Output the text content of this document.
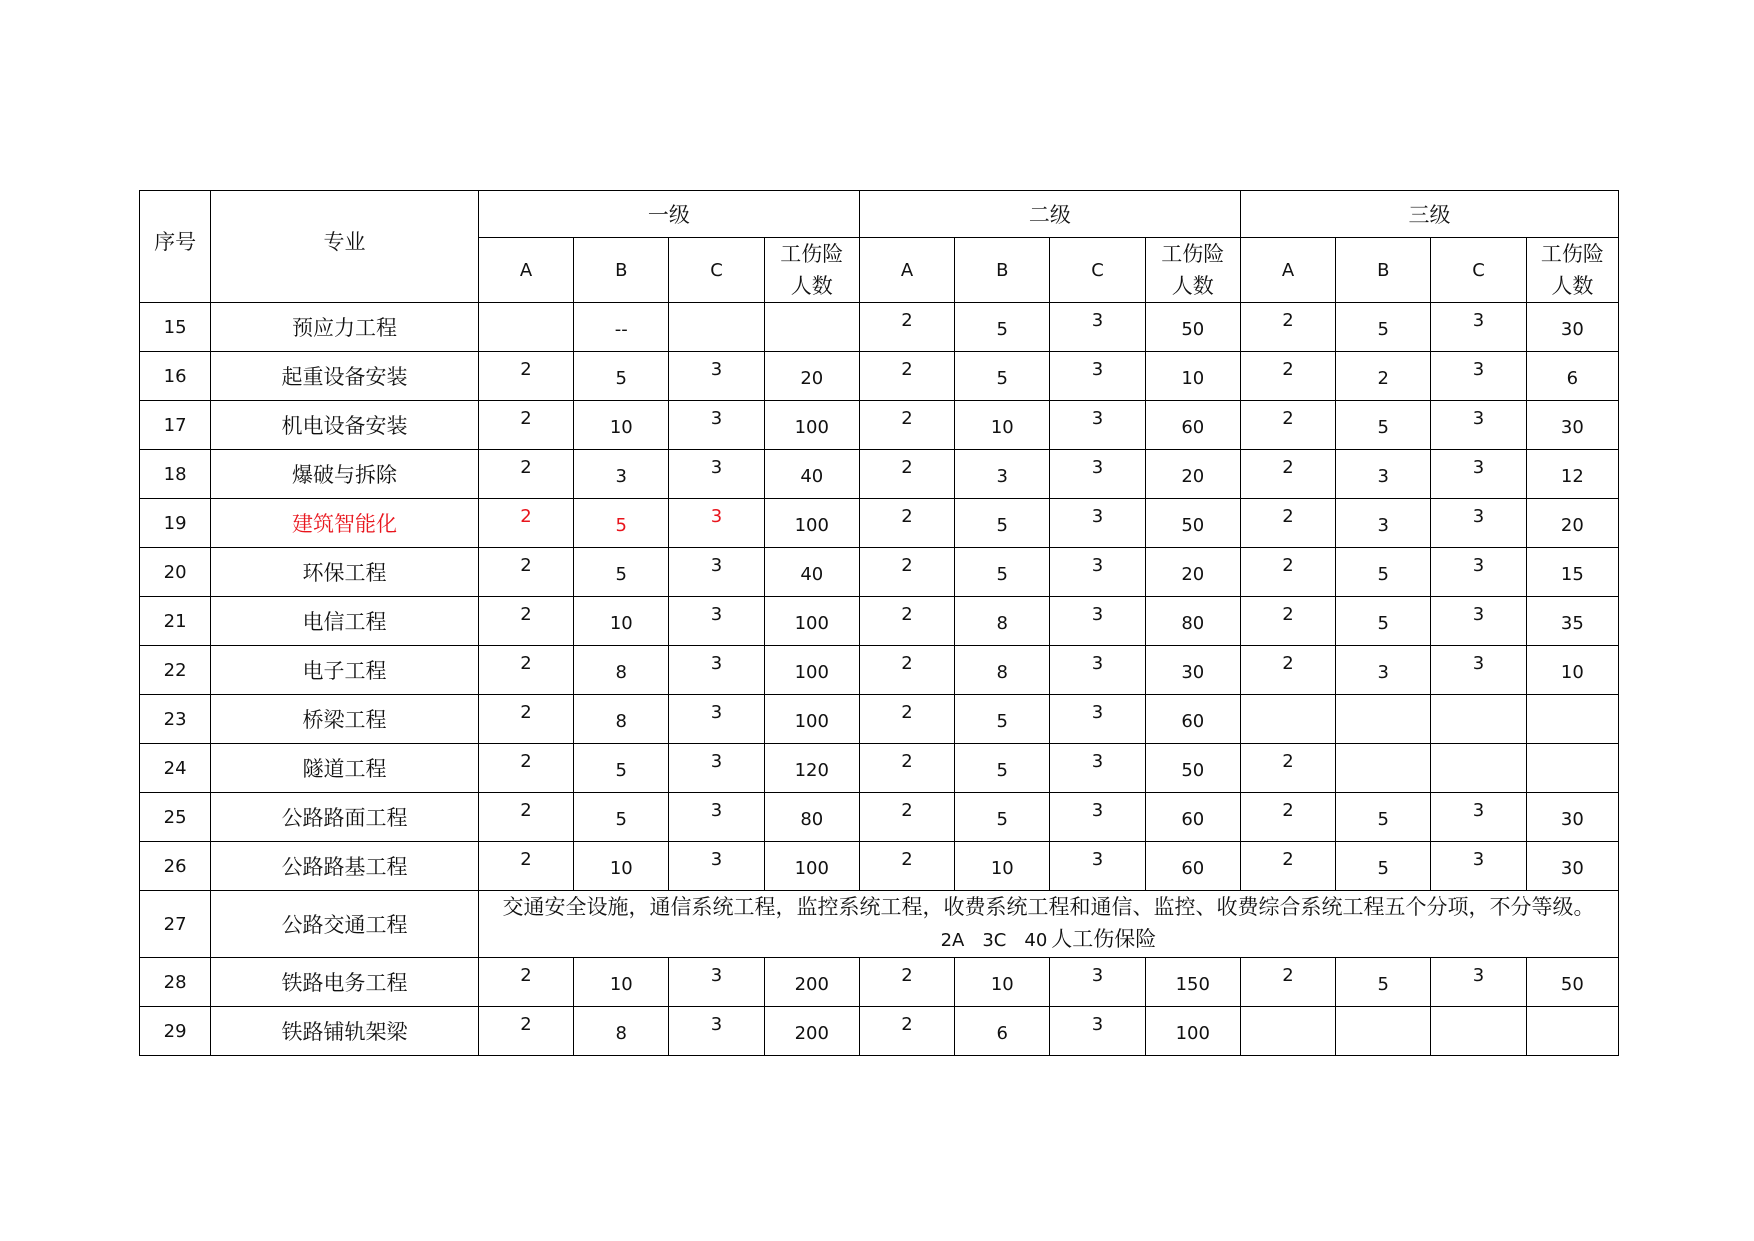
序号	专业	一级				二级				三级			
		A	B	C	工伤险人数	A	B	C	工伤险人数	A	B	C	工伤险人数
15	预应力工程		--			2	5	3	50	2	5	3	30
16	起重设备安装	2	5	3	20	2	5	3	10	2	2	3	6
17	机电设备安装	2	10	3	100	2	10	3	60	2	5	3	30
18	爆破与拆除	2	3	3	40	2	3	3	20	2	3	3	12
19	建筑智能化	2	5	3	100	2	5	3	50	2	3	3	20
20	环保工程	2	5	3	40	2	5	3	20	2	5	3	15
21	电信工程	2	10	3	100	2	8	3	80	2	5	3	35
22	电子工程	2	8	3	100	2	8	3	30	2	3	3	10
23	桥梁工程	2	8	3	100	2	5	3	60				
24	隧道工程	2	5	3	120	2	5	3	50	2			
25	公路路面工程	2	5	3	80	2	5	3	60	2	5	3	30
26	公路路基工程	2	10	3	100	2	10	3	60	2	5	3	30
27	公路交通工程	交通安全设施，通信系统工程，监控系统工程，收费系统工程和通信、监控、收费综合系统工程五个分项，不分等级。
2A　3C　40 人工伤保险											

28	铁路电务工程	2	10	3	200	2	10	3	150	2	5	3	50
29	铁路铺轨架梁	2	8	3	200	2	6	3	100				
